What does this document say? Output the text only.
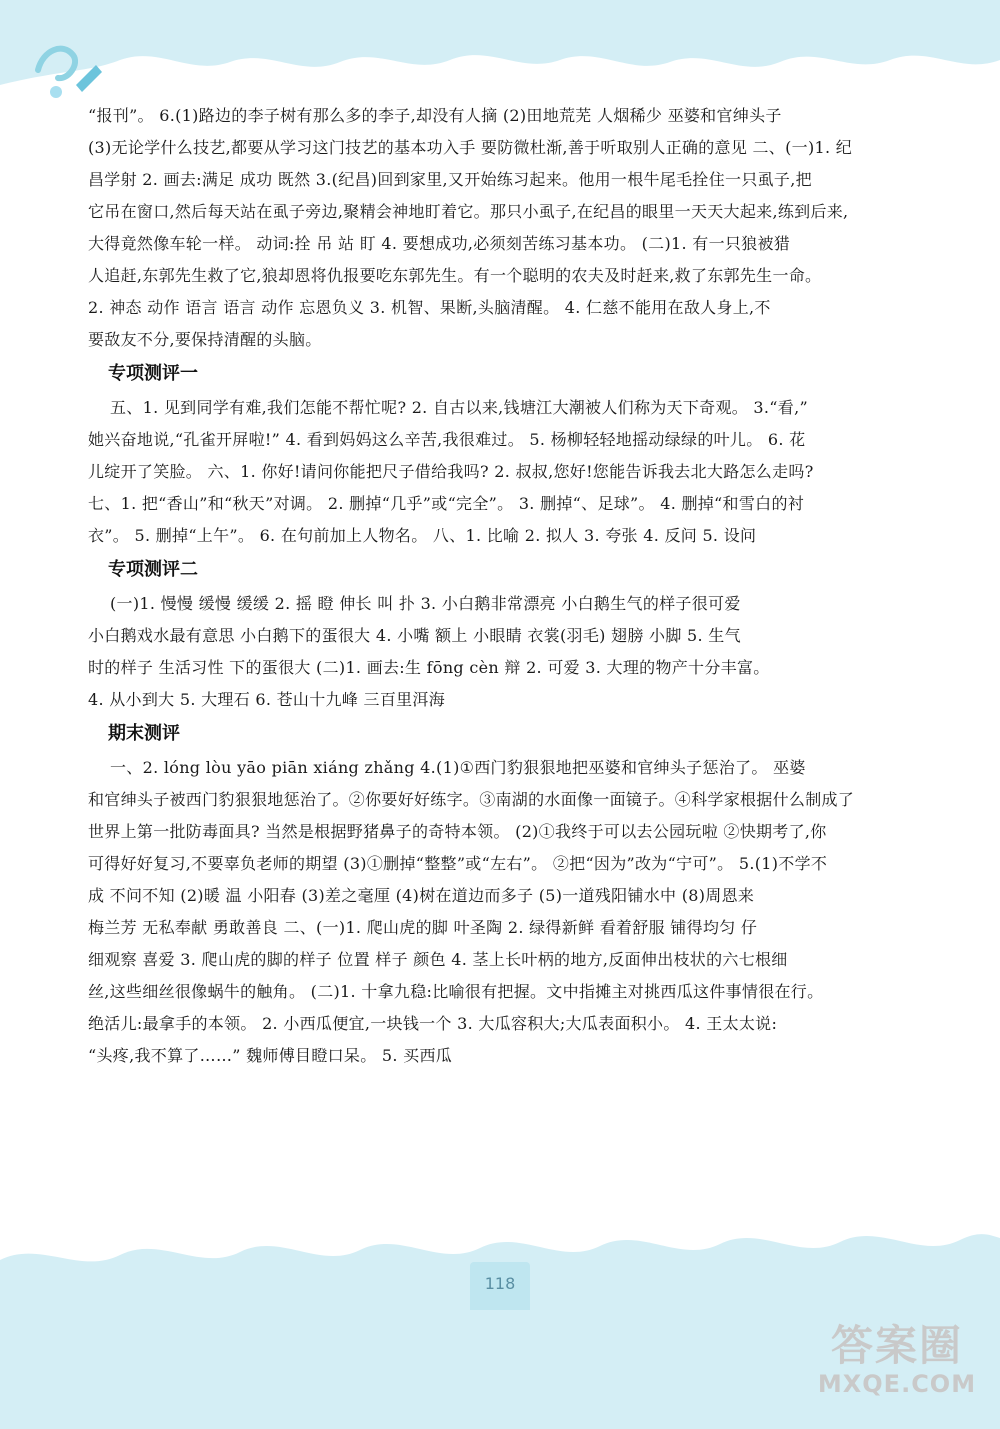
“报刊”。 6.(1)路边的李子树有那么多的李子,却没有人摘 (2)田地荒芜 人烟稀少 巫婆和官绅头子
(3)无论学什么技艺,都要从学习这门技艺的基本功入手 要防微杜渐,善于听取别人正确的意见 二、(一)1. 纪
昌学射 2. 画去:满足 成功 既然 3.(纪昌)回到家里,又开始练习起来。他用一根牛尾毛拴住一只虱子,把
它吊在窗口,然后每天站在虱子旁边,聚精会神地盯着它。那只小虱子,在纪昌的眼里一天天大起来,练到后来,
大得竟然像车轮一样。 动词:拴 吊 站 盯 4. 要想成功,必须刻苦练习基本功。 (二)1. 有一只狼被猎
人追赶,东郭先生救了它,狼却恩将仇报要吃东郭先生。有一个聪明的农夫及时赶来,救了东郭先生一命。
2. 神态 动作 语言 语言 动作 忘恩负义 3. 机智、果断,头脑清醒。 4. 仁慈不能用在敌人身上,不
要敌友不分,要保持清醒的头脑。
专项测评一
五、1. 见到同学有难,我们怎能不帮忙呢? 2. 自古以来,钱塘江大潮被人们称为天下奇观。 3.“看,”
她兴奋地说,“孔雀开屏啦!” 4. 看到妈妈这么辛苦,我很难过。 5. 杨柳轻轻地摇动绿绿的叶儿。 6. 花
儿绽开了笑脸。 六、1. 你好!请问你能把尺子借给我吗? 2. 叔叔,您好!您能告诉我去北大路怎么走吗?
七、1. 把“香山”和“秋天”对调。 2. 删掉“几乎”或“完全”。 3. 删掉“、足球”。 4. 删掉“和雪白的衬
衣”。 5. 删掉“上午”。 6. 在句前加上人物名。 八、1. 比喻 2. 拟人 3. 夸张 4. 反问 5. 设问
专项测评二
(一)1. 慢慢 缓慢 缓缓 2. 摇 瞪 伸长 叫 扑 3. 小白鹅非常漂亮 小白鹅生气的样子很可爱
小白鹅戏水最有意思 小白鹅下的蛋很大 4. 小嘴 额上 小眼睛 衣裳(羽毛) 翅膀 小脚 5. 生气
时的样子 生活习性 下的蛋很大 (二)1. 画去:生 fōng cèn 辩 2. 可爱 3. 大理的物产十分丰富。
4. 从小到大 5. 大理石 6. 苍山十九峰 三百里洱海
期末测评
一、2. lóng lòu yāo piān xiáng zhǎng 4.(1)①西门豹狠狠地把巫婆和官绅头子惩治了。 巫婆
和官绅头子被西门豹狠狠地惩治了。②你要好好练字。③南湖的水面像一面镜子。④科学家根据什么制成了
世界上第一批防毒面具? 当然是根据野猪鼻子的奇特本领。 (2)①我终于可以去公园玩啦 ②快期考了,你
可得好好复习,不要辜负老师的期望 (3)①删掉“整整”或“左右”。 ②把“因为”改为“宁可”。 5.(1)不学不
成 不问不知 (2)暖 温 小阳春 (3)差之毫厘 (4)树在道边而多子 (5)一道残阳铺水中 (8)周恩来
梅兰芳 无私奉献 勇敢善良 二、(一)1. 爬山虎的脚 叶圣陶 2. 绿得新鲜 看着舒服 铺得均匀 仔
细观察 喜爱 3. 爬山虎的脚的样子 位置 样子 颜色 4. 茎上长叶柄的地方,反面伸出枝状的六七根细
丝,这些细丝很像蜗牛的触角。 (二)1. 十拿九稳:比喻很有把握。文中指摊主对挑西瓜这件事情很在行。
绝活儿:最拿手的本领。 2. 小西瓜便宜,一块钱一个 3. 大瓜容积大;大瓜表面积小。 4. 王太太说:
“头疼,我不算了……” 魏师傅目瞪口呆。 5. 买西瓜
118
答案圈
MXQE.COM
